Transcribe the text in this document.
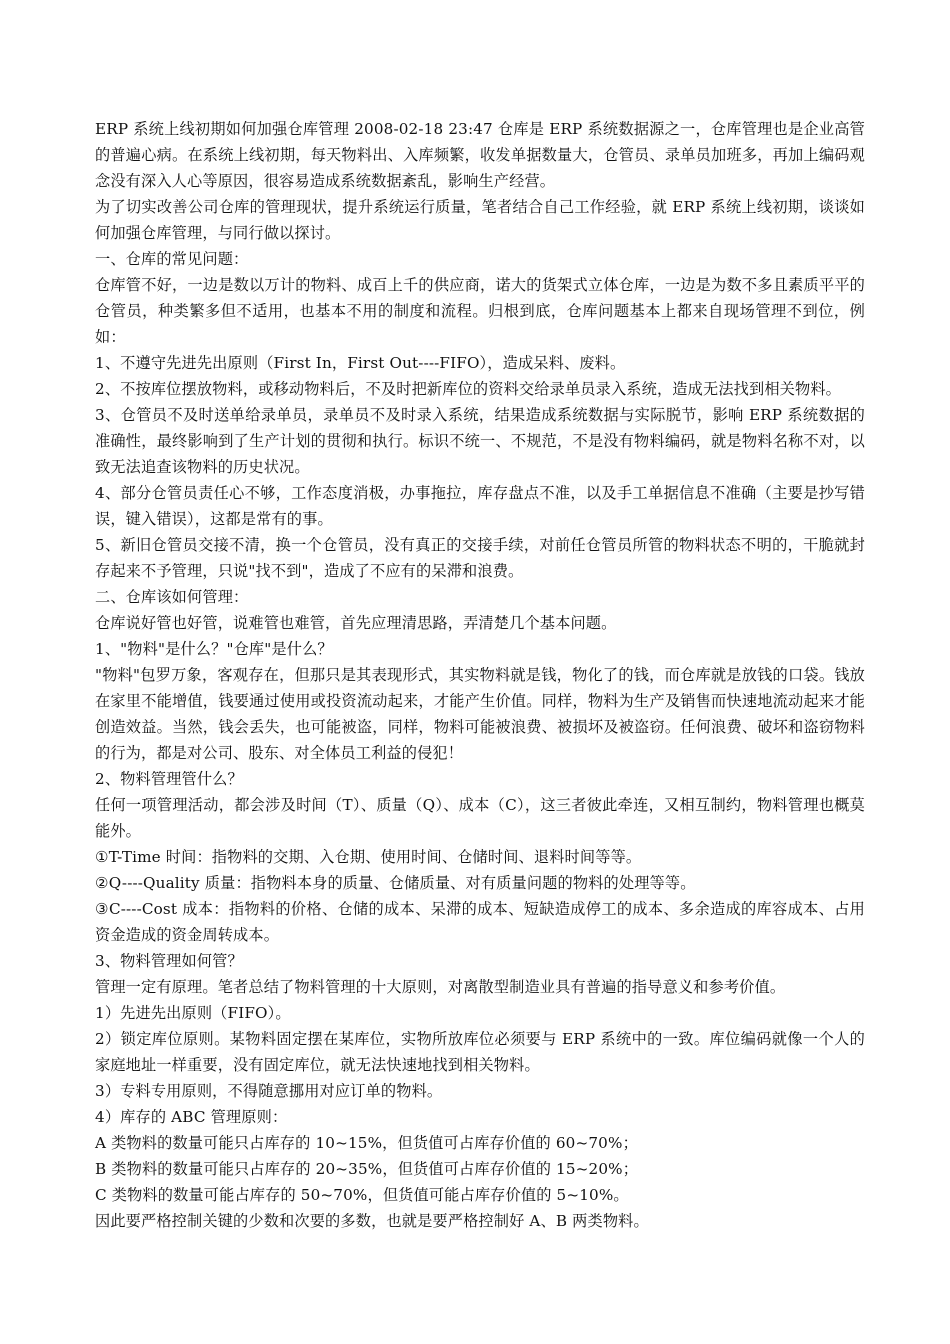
ERP 系统上线初期如何加强仓库管理 2008-02-18 23:47 仓库是 ERP 系统数据源之一，仓库管理也是企业高管的普遍心病。在系统上线初期，每天物料出、入库频繁，收发单据数量大，仓管员、录单员加班多，再加上编码观念没有深入人心等原因，很容易造成系统数据紊乱，影响生产经营。

为了切实改善公司仓库的管理现状，提升系统运行质量，笔者结合自己工作经验，就 ERP 系统上线初期，谈谈如何加强仓库管理，与同行做以探讨。

一、仓库的常见问题：

仓库管不好，一边是数以万计的物料、成百上千的供应商，诺大的货架式立体仓库，一边是为数不多且素质平平的仓管员，种类繁多但不适用，也基本不用的制度和流程。归根到底，仓库问题基本上都来自现场管理不到位，例如：

1、不遵守先进先出原则（First In，First Out----FIFO），造成呆料、废料。

2、不按库位摆放物料，或移动物料后，不及时把新库位的资料交给录单员录入系统，造成无法找到相关物料。

3、仓管员不及时送单给录单员，录单员不及时录入系统，结果造成系统数据与实际脱节，影响 ERP 系统数据的准确性，最终影响到了生产计划的贯彻和执行。标识不统一、不规范，不是没有物料编码，就是物料名称不对，以致无法追查该物料的历史状况。

4、部分仓管员责任心不够，工作态度消极，办事拖拉，库存盘点不准，以及手工单据信息不准确（主要是抄写错误，键入错误），这都是常有的事。

5、新旧仓管员交接不清，换一个仓管员，没有真正的交接手续，对前任仓管员所管的物料状态不明的，干脆就封存起来不予管理，只说"找不到"，造成了不应有的呆滞和浪费。

二、仓库该如何管理：

仓库说好管也好管，说难管也难管，首先应理清思路，弄清楚几个基本问题。

1、"物料"是什么？"仓库"是什么？

"物料"包罗万象，客观存在，但那只是其表现形式，其实物料就是钱，物化了的钱，而仓库就是放钱的口袋。钱放在家里不能增值，钱要通过使用或投资流动起来，才能产生价值。同样，物料为生产及销售而快速地流动起来才能创造效益。当然，钱会丢失，也可能被盗，同样，物料可能被浪费、被损坏及被盗窃。任何浪费、破坏和盗窃物料的行为，都是对公司、股东、对全体员工利益的侵犯！

2、物料管理管什么？

任何一项管理活动，都会涉及时间（T）、质量（Q）、成本（C），这三者彼此牵连，又相互制约，物料管理也概莫能外。

①T-Time 时间：指物料的交期、入仓期、使用时间、仓储时间、退料时间等等。

②Q----Quality 质量：指物料本身的质量、仓储质量、对有质量问题的物料的处理等等。

③C----Cost 成本：指物料的价格、仓储的成本、呆滞的成本、短缺造成停工的成本、多余造成的库容成本、占用资金造成的资金周转成本。

3、物料管理如何管？

管理一定有原理。笔者总结了物料管理的十大原则，对离散型制造业具有普遍的指导意义和参考价值。

1）先进先出原则（FIFO）。

2）锁定库位原则。某物料固定摆在某库位，实物所放库位必须要与 ERP 系统中的一致。库位编码就像一个人的家庭地址一样重要，没有固定库位，就无法快速地找到相关物料。

3）专料专用原则，不得随意挪用对应订单的物料。

4）库存的 ABC 管理原则：

A 类物料的数量可能只占库存的 10~15%，但货值可占库存价值的 60~70%；

B 类物料的数量可能只占库存的 20~35%，但货值可占库存价值的 15~20%；

C 类物料的数量可能占库存的 50~70%，但货值可能占库存价值的 5~10%。

因此要严格控制关键的少数和次要的多数，也就是要严格控制好 A、B 两类物料。
